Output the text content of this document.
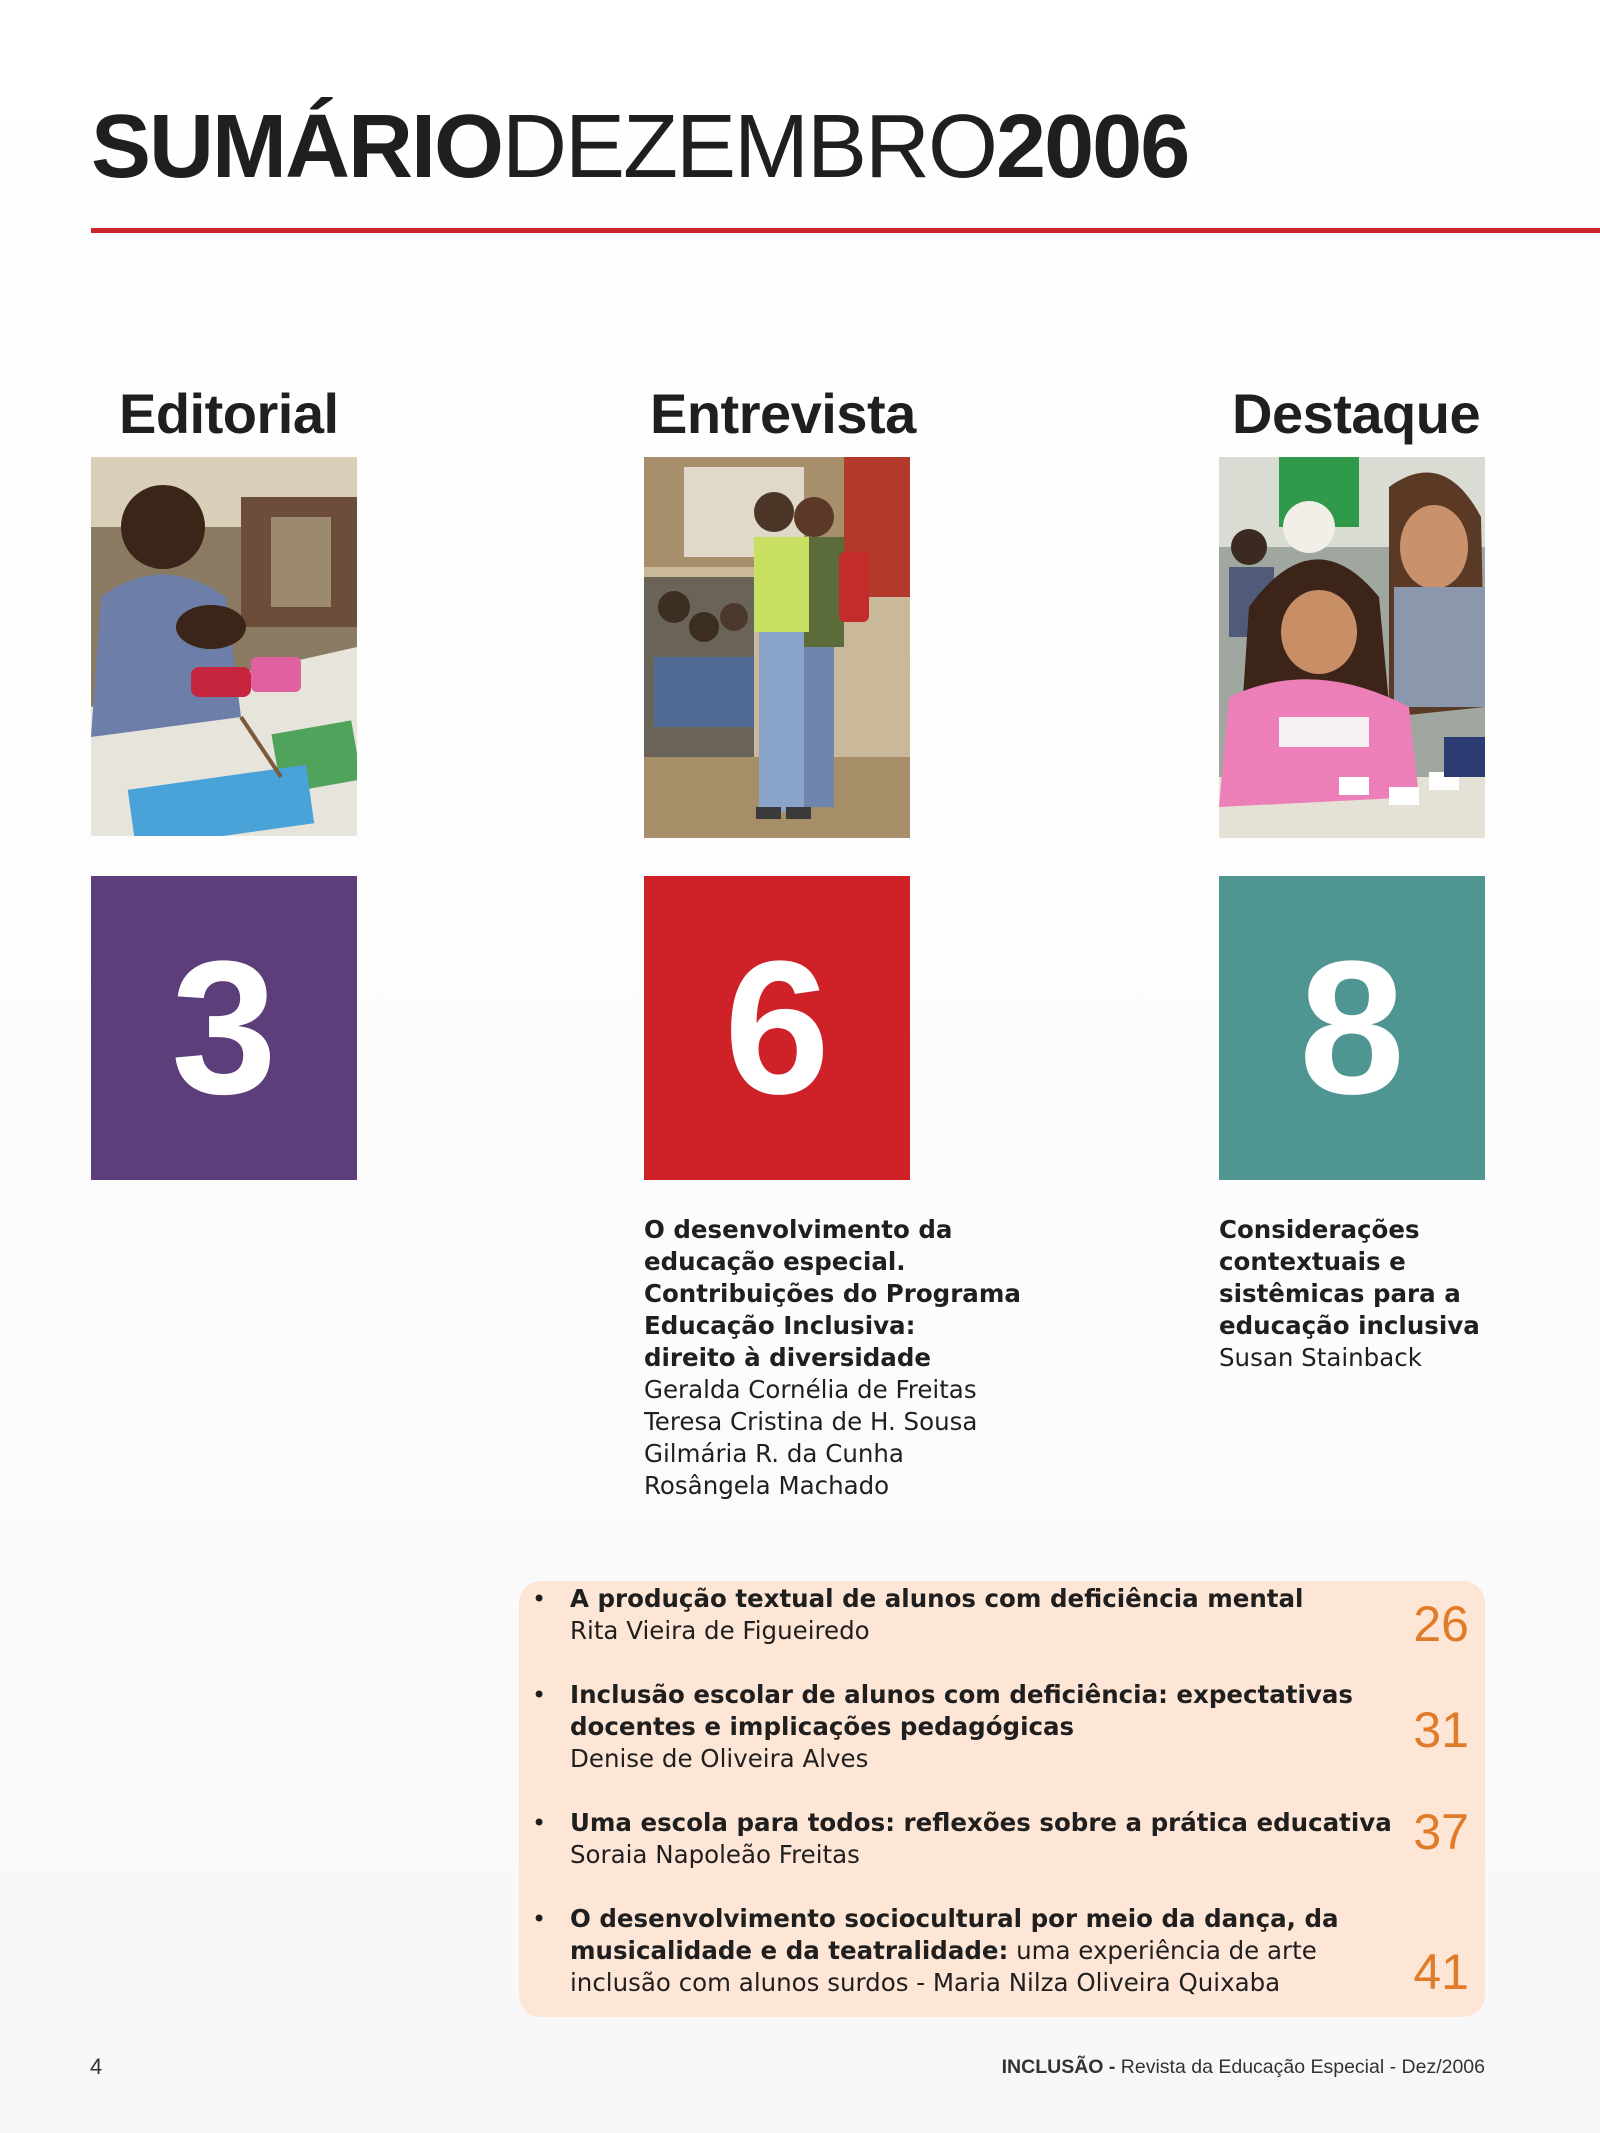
SUMÁRIODEZEMBRO2006
Editorial
3
Entrevista
6
O desenvolvimento da
educação especial.
Contribuições do Programa
Educação Inclusiva:
direito à diversidade
Geralda Cornélia de Freitas
Teresa Cristina de H. Sousa
Gilmária R. da Cunha
Rosângela Machado
Destaque
8
Considerações
contextuais e
sistêmicas para a
educação inclusiva
Susan Stainback
• A produção textual de alunos com deficiência mental
Rita Vieira de Figueiredo	26
• Inclusão escolar de alunos com deficiência: expectativas
docentes e implicações pedagógicas
Denise de Oliveira Alves
31
• Uma escola para todos: reflexões sobre a prática educativa
Soraia Napoleão Freitas	37
• O desenvolvimento sociocultural por meio da dança, da
musicalidade e da teatralidade: uma experiência de arte
inclusão com alunos surdos - Maria Nilza Oliveira Quixaba	41
4	INCLUSÃO - Revista da Educação Especial - Dez/2006
